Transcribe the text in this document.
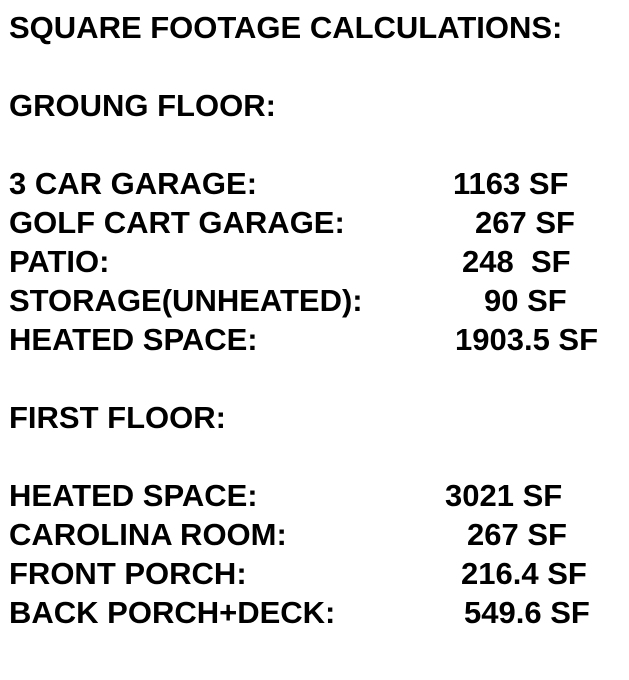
SQUARE FOOTAGE CALCULATIONS:
GROUNG FLOOR:
3 CAR GARAGE:	1163 SF
GOLF CART GARAGE:	267 SF
PATIO:	248  SF
STORAGE(UNHEATED):	90 SF
HEATED SPACE:	1903.5 SF
FIRST FLOOR:
HEATED SPACE:	3021 SF
CAROLINA ROOM:	267 SF
FRONT PORCH:	216.4 SF
BACK PORCH+DECK:	549.6 SF
